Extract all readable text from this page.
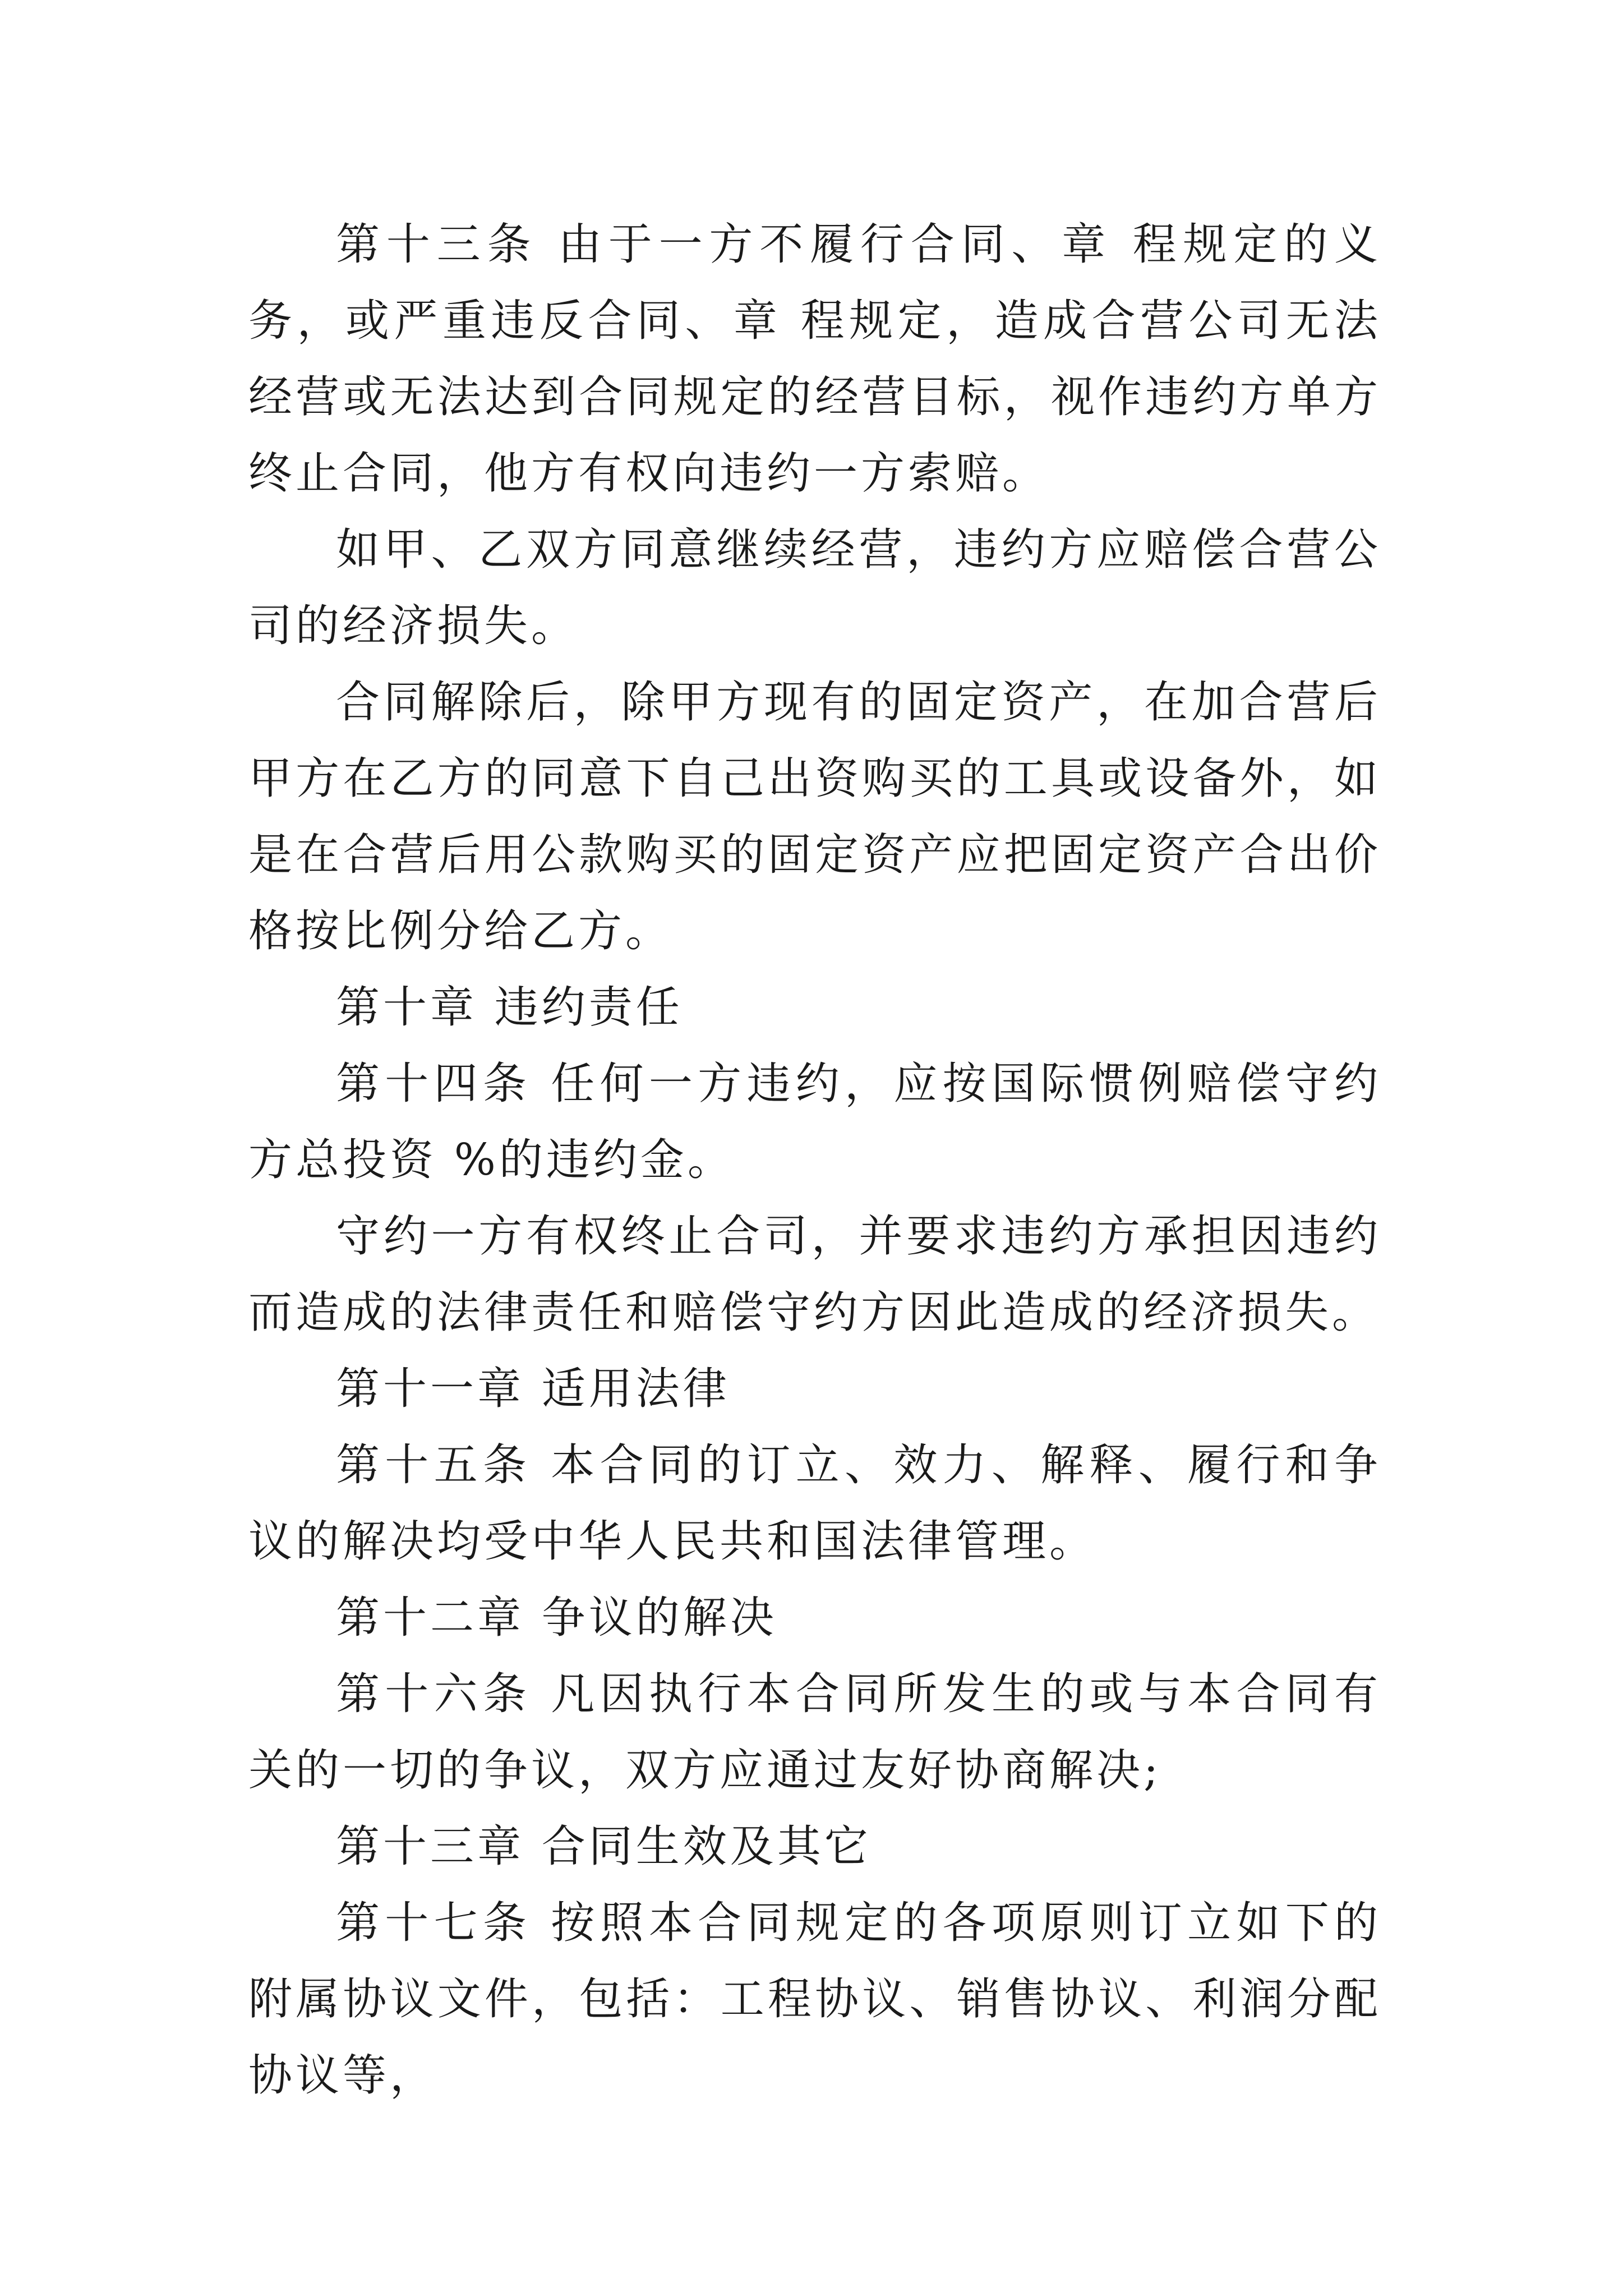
第十三条 由于一方不履行合同、章 程规定的义务，或严重违反合同、章 程规定，造成合营公司无法经营或无法达到合同规定的经营目标，视作违约方单方终止合同，他方有权向违约一方索赔。

如甲、乙双方同意继续经营，违约方应赔偿合营公司的经济损失。

合同解除后，除甲方现有的固定资产，在加合营后甲方在乙方的同意下自己出资购买的工具或设备外，如是在合营后用公款购买的固定资产应把固定资产合出价格按比例分给乙方。

第十章 违约责任

第十四条 任何一方违约，应按国际惯例赔偿守约方总投资 %的违约金。

守约一方有权终止合司，并要求违约方承担因违约而造成的法律责任和赔偿守约方因此造成的经济损失。

第十一章 适用法律

第十五条 本合同的订立、效力、解释、履行和争议的解决均受中华人民共和国法律管理。

第十二章 争议的解决

第十六条 凡因执行本合同所发生的或与本合同有关的一切的争议，双方应通过友好协商解决;

第十三章 合同生效及其它

第十七条 按照本合同规定的各项原则订立如下的附属协议文件，包括：工程协议、销售协议、利润分配协议等，
